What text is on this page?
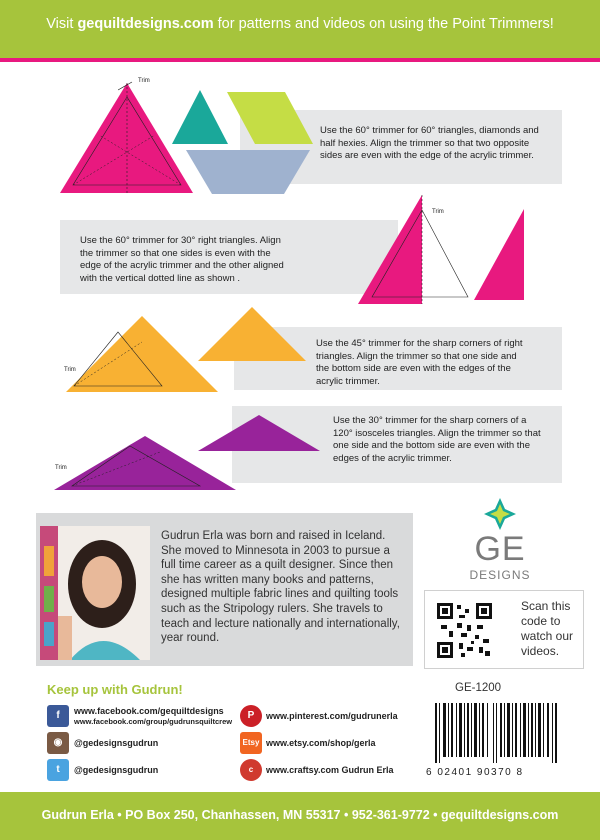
Visit gequiltdesigns.com for patterns and videos on using the Point Trimmers!
Trim
Use the 60° trimmer for 60° triangles, diamonds and half hexies. Align the trimmer so that two opposite sides are even with the edge of the acrylic trimmer.
Use the 60° trimmer for 30° right triangles. Align the trimmer so that one sides is even with the edge of the acrylic trimmer and the other aligned with the vertical dotted line as shown .
Trim
Trim
Use the 45° trimmer for the sharp corners of right triangles. Align the trimmer so that one side and the bottom side are even with the edges of the acrylic trimmer.
Trim
Use the 30° trimmer for the sharp corners of a 120° isosceles triangles. Align the trimmer so that one side and the bottom side are even with the edges of the acrylic trimmer.
Gudrun Erla was born and raised in Iceland. She moved to Minnesota in 2003 to pursue a full time career as a quilt designer. Since then she has written many books and patterns, designed multiple fabric lines and quilting tools such as the Stripology rulers. She travels to teach and lecture nationally and internationally, year round.
GE
DESIGNS
Scan this code to watch our videos.
Keep up with Gudrun!
f	www.facebook.com/gequiltdesigns
www.facebook.com/group/gudrunsquiltcrew
◉	@gedesignsgudrun
t	@gedesignsgudrun
P	www.pinterest.com/gudrunerla
Etsy www.etsy.com/shop/gerla
c	www.craftsy.com Gudrun Erla
GE-1200
6 02401 90370 8
Gudrun Erla • PO Box 250, Chanhassen, MN 55317 • 952-361-9772 • gequiltdesigns.com
